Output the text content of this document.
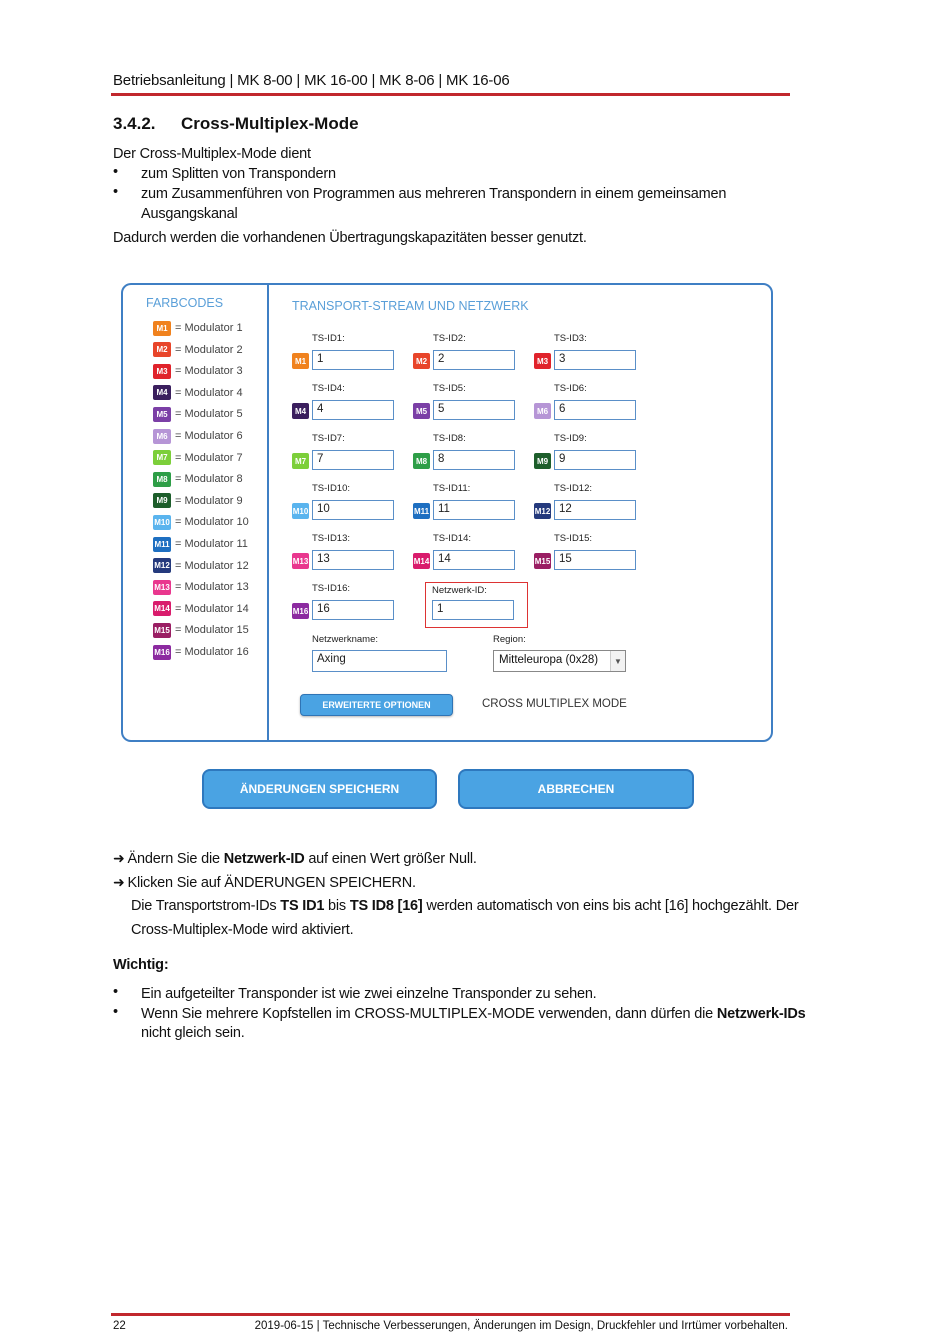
Betriebsanleitung | MK 8-00 | MK 16-00 | MK 8-06 | MK 16-06
3.4.2. Cross-Multiplex-Mode
Der Cross-Multiplex-Mode dient
• zum Splitten von Transpondern
• zum Zusammenführen von Programmen aus mehreren Transpondern in einem gemeinsamen
Ausgangskanal
Dadurch werden die vorhandenen Übertragungskapazitäten besser genutzt.
FARBCODES	TRANSPORT-STREAM UND NETZWERK
M1 = Modulator 1
M2 = Modulator 2
M3 = Modulator 3
M4 = Modulator 4
M5 = Modulator 5
M6 = Modulator 6
M7 = Modulator 7
M8 = Modulator 8
M9 = Modulator 9
M10 = Modulator 10
M11 = Modulator 11
M12 = Modulator 12
M13 = Modulator 13
M14 = Modulator 14
M15 = Modulator 15
M16 = Modulator 16
TS-ID1:
M1 1
TS-ID2:
M2 2
TS-ID3:
M3 3
TS-ID4:
M4 4
TS-ID5:
M5 5
TS-ID6:
M6 6
TS-ID7:
M7 7
TS-ID8:
M8 8
TS-ID9:
M9 9
TS-ID10:
M10 10
TS-ID11:
M11 11
TS-ID12:
M12 12
TS-ID13:
M13 13
TS-ID14:
M14 14
TS-ID15:
M15 15
TS-ID16:
M16 16
Netzwerk-ID:
1
Netzwerkname:
Axing
Region:
Mitteleuropa (0x28)	▼
ERWEITERTE OPTIONEN	CROSS MULTIPLEX MODE
ÄNDERUNGEN SPEICHERN	ABBRECHEN
➜ Ändern Sie die Netzwerk-ID auf einen Wert größer Null.
➜ Klicken Sie auf ÄNDERUNGEN SPEICHERN.
Die Transportstrom-IDs TS ID1 bis TS ID8 [16] werden automatisch von eins bis acht [16] hochgezählt. Der
Cross-Multiplex-Mode wird aktiviert.
Wichtig:
• Ein aufgeteilter Transponder ist wie zwei einzelne Transponder zu sehen.
• Wenn Sie mehrere Kopfstellen im CROSS-MULTIPLEX-MODE verwenden, dann dürfen die Netzwerk-IDs
nicht gleich sein.
22	2019-06-15 | Technische Verbesserungen, Änderungen im Design, Druckfehler und Irrtümer vorbehalten.
